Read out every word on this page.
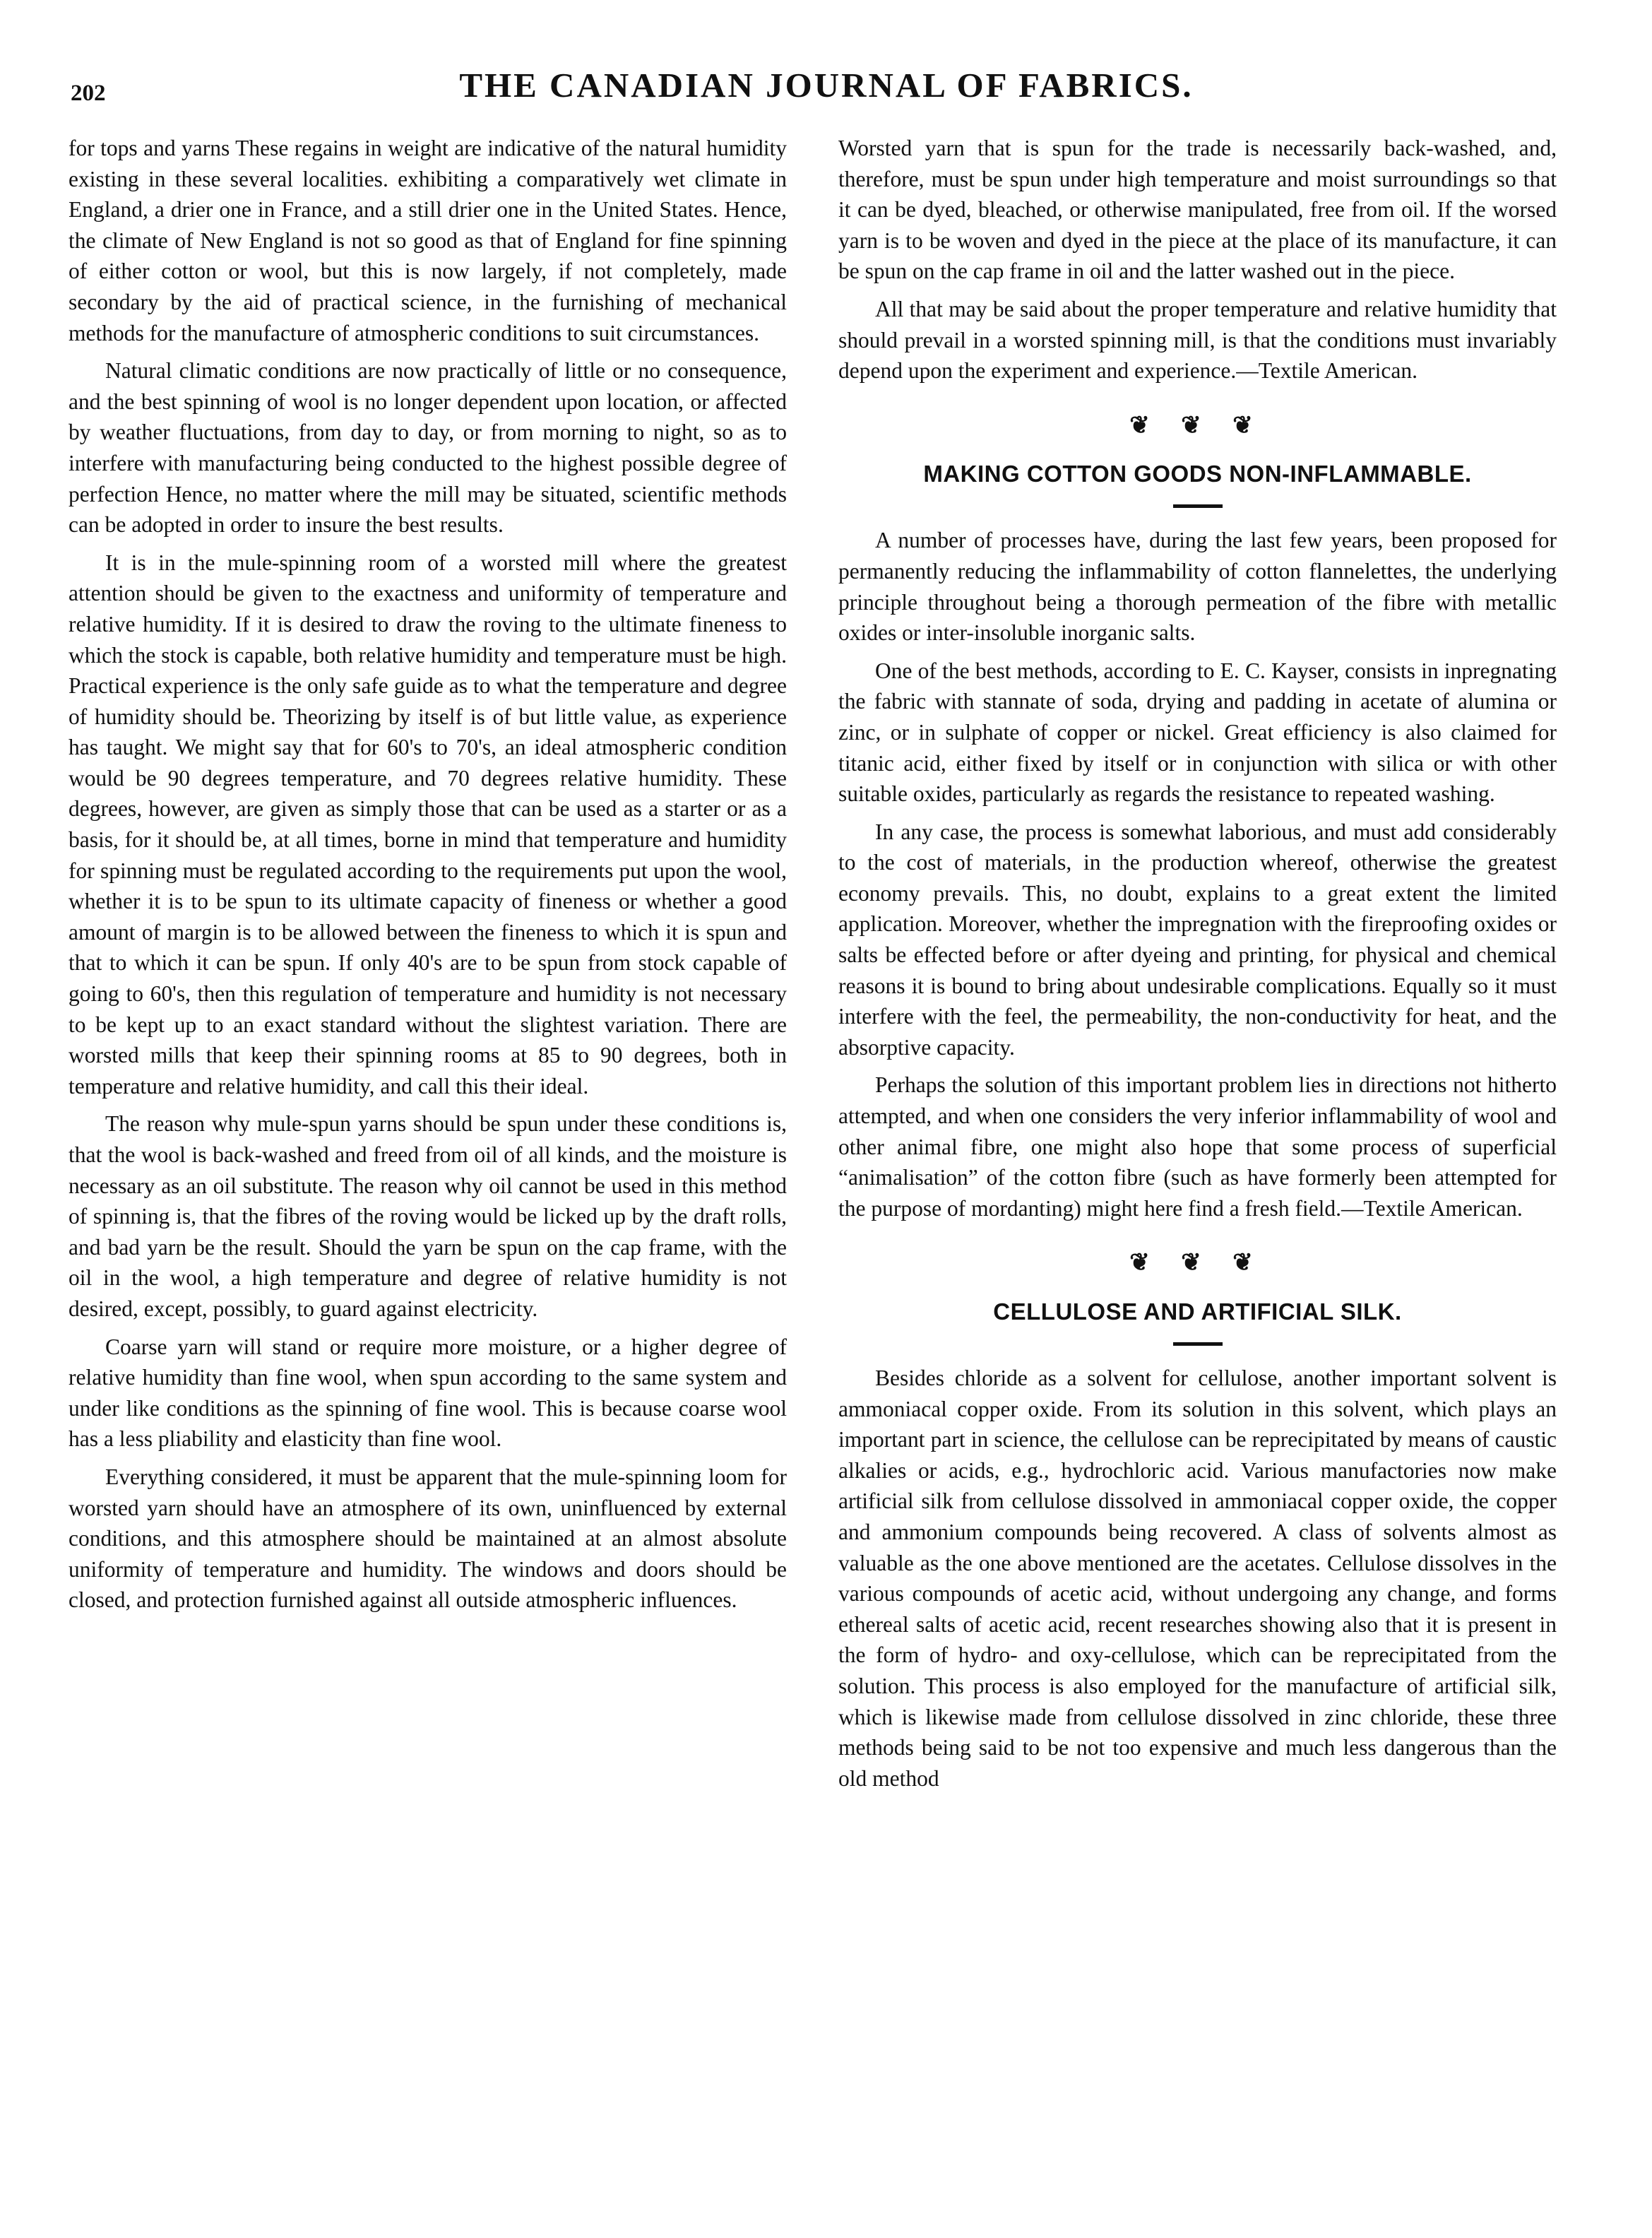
202	THE CANADIAN JOURNAL OF FABRICS.

for tops and yarns These regains in weight are indicative of the natural humidity existing in these several localities. exhibiting a comparatively wet climate in England, a drier one in France, and a still drier one in the United States. Hence, the climate of New England is not so good as that of England for fine spinning of either cotton or wool, but this is now largely, if not completely, made secondary by the aid of practical science, in the furnishing of mechanical methods for the manufacture of atmospheric conditions to suit circumstances.

Natural climatic conditions are now practically of little or no consequence, and the best spinning of wool is no longer dependent upon location, or affected by weather fluctuations, from day to day, or from morning to night, so as to interfere with manufacturing being conducted to the highest possible degree of perfection Hence, no matter where the mill may be situated, scientific methods can be adopted in order to insure the best results.

It is in the mule-spinning room of a worsted mill where the greatest attention should be given to the exactness and uniformity of temperature and relative humidity. If it is desired to draw the roving to the ultimate fineness to which the stock is capable, both relative humidity and temperature must be high. Practical experience is the only safe guide as to what the temperature and degree of humidity should be. Theorizing by itself is of but little value, as experience has taught. We might say that for 60's to 70's, an ideal atmospheric condition would be 90 degrees temperature, and 70 degrees relative humidity. These degrees, however, are given as simply those that can be used as a starter or as a basis, for it should be, at all times, borne in mind that temperature and humidity for spinning must be regulated according to the requirements put upon the wool, whether it is to be spun to its ultimate capacity of fineness or whether a good amount of margin is to be allowed between the fineness to which it is spun and that to which it can be spun. If only 40's are to be spun from stock capable of going to 60's, then this regulation of temperature and humidity is not necessary to be kept up to an exact standard without the slightest variation. There are worsted mills that keep their spinning rooms at 85 to 90 degrees, both in temperature and relative humidity, and call this their ideal.

The reason why mule-spun yarns should be spun under these conditions is, that the wool is back-washed and freed from oil of all kinds, and the moisture is necessary as an oil substitute. The reason why oil cannot be used in this method of spinning is, that the fibres of the roving would be licked up by the draft rolls, and bad yarn be the result. Should the yarn be spun on the cap frame, with the oil in the wool, a high temperature and degree of relative humidity is not desired, except, possibly, to guard against electricity.

Coarse yarn will stand or require more moisture, or a higher degree of relative humidity than fine wool, when spun according to the same system and under like conditions as the spinning of fine wool. This is because coarse wool has a less pliability and elasticity than fine wool.

Everything considered, it must be apparent that the mule-spinning loom for worsted yarn should have an atmosphere of its own, uninfluenced by external conditions, and this atmosphere should be maintained at an almost absolute uniformity of temperature and humidity. The windows and doors should be closed, and protection furnished against all outside atmospheric influences.

Worsted yarn that is spun for the trade is necessarily back-washed, and, therefore, must be spun under high temperature and moist surroundings so that it can be dyed, bleached, or otherwise manipulated, free from oil. If the worsed yarn is to be woven and dyed in the piece at the place of its manufacture, it can be spun on the cap frame in oil and the latter washed out in the piece.

All that may be said about the proper temperature and relative humidity that should prevail in a worsted spinning mill, is that the conditions must invariably depend upon the experiment and experience.—Textile American.

❦ ❦ ❦
MAKING COTTON GOODS NON-INFLAMMABLE.

A number of processes have, during the last few years, been proposed for permanently reducing the inflammability of cotton flannelettes, the underlying principle throughout being a thorough permeation of the fibre with metallic oxides or inter-insoluble inorganic salts.

One of the best methods, according to E. C. Kayser, consists in inpregnating the fabric with stannate of soda, drying and padding in acetate of alumina or zinc, or in sulphate of copper or nickel. Great efficiency is also claimed for titanic acid, either fixed by itself or in conjunction with silica or with other suitable oxides, particularly as regards the resistance to repeated washing.

In any case, the process is somewhat laborious, and must add considerably to the cost of materials, in the production whereof, otherwise the greatest economy prevails. This, no doubt, explains to a great extent the limited application. Moreover, whether the impregnation with the fireproofing oxides or salts be effected before or after dyeing and printing, for physical and chemical reasons it is bound to bring about undesirable complications. Equally so it must interfere with the feel, the permeability, the non-conductivity for heat, and the absorptive capacity.

Perhaps the solution of this important problem lies in directions not hitherto attempted, and when one considers the very inferior inflammability of wool and other animal fibre, one might also hope that some process of superficial “animalisation” of the cotton fibre (such as have formerly been attempted for the purpose of mordanting) might here find a fresh field.—Textile American.

❦ ❦ ❦
CELLULOSE AND ARTIFICIAL SILK.

Besides chloride as a solvent for cellulose, another important solvent is ammoniacal copper oxide. From its solution in this solvent, which plays an important part in science, the cellulose can be reprecipitated by means of caustic alkalies or acids, e.g., hydrochloric acid. Various manufactories now make artificial silk from cellulose dissolved in ammoniacal copper oxide, the copper and ammonium compounds being recovered. A class of solvents almost as valuable as the one above mentioned are the acetates. Cellulose dissolves in the various compounds of acetic acid, without undergoing any change, and forms ethereal salts of acetic acid, recent researches showing also that it is present in the form of hydro- and oxy-cellulose, which can be reprecipitated from the solution. This process is also employed for the manufacture of artificial silk, which is likewise made from cellulose dissolved in zinc chloride, these three methods being said to be not too expensive and much less dangerous than the old method
